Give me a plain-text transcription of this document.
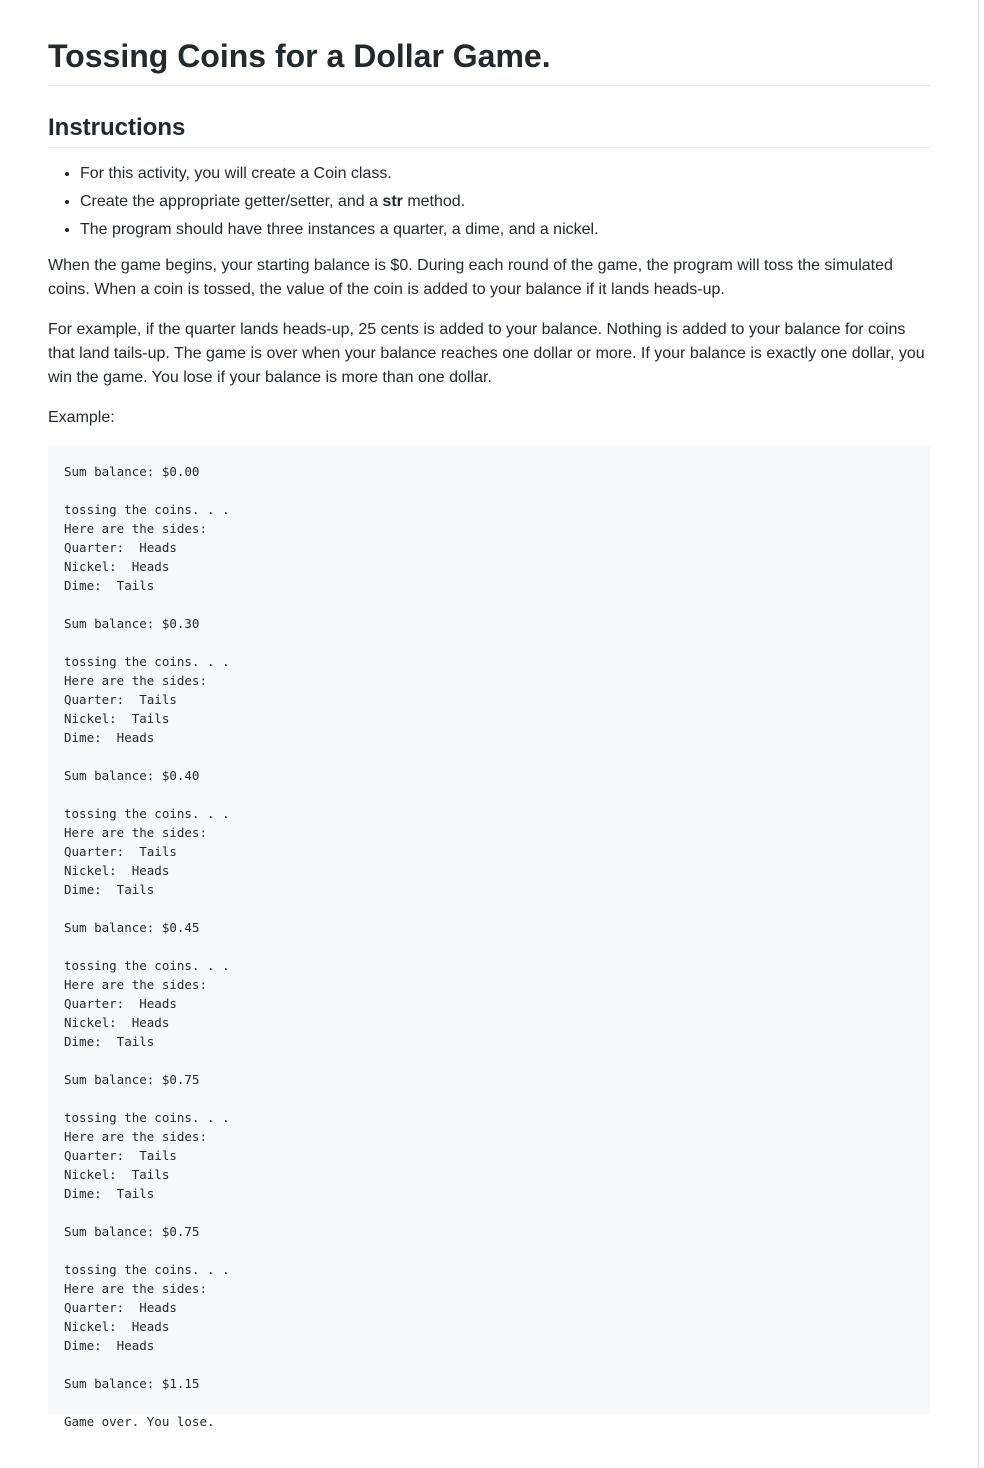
Tossing Coins for a Dollar Game.
Instructions
• For this activity, you will create a Coin class.
• Create the appropriate getter/setter, and a str method.
• The program should have three instances a quarter, a dime, and a nickel.

When the game begins, your starting balance is $0. During each round of the game, the program will toss the simulated coins. When a coin is tossed, the value of the coin is added to your balance if it lands heads-up.

For example, if the quarter lands heads-up, 25 cents is added to your balance. Nothing is added to your balance for coins that land tails-up. The game is over when your balance reaches one dollar or more. If your balance is exactly one dollar, you win the game. You lose if your balance is more than one dollar.

Example:

Sum balance: $0.00

tossing the coins. . .
Here are the sides:
Quarter:  Heads
Nickel:  Heads
Dime:  Tails

Sum balance: $0.30

tossing the coins. . .
Here are the sides:
Quarter:  Tails
Nickel:  Tails
Dime:  Heads

Sum balance: $0.40

tossing the coins. . .
Here are the sides:
Quarter:  Tails
Nickel:  Heads
Dime:  Tails

Sum balance: $0.45

tossing the coins. . .
Here are the sides:
Quarter:  Heads
Nickel:  Heads
Dime:  Tails

Sum balance: $0.75

tossing the coins. . .
Here are the sides:
Quarter:  Tails
Nickel:  Tails
Dime:  Tails

Sum balance: $0.75

tossing the coins. . .
Here are the sides:
Quarter:  Heads
Nickel:  Heads
Dime:  Heads

Sum balance: $1.15

Game over. You lose.
